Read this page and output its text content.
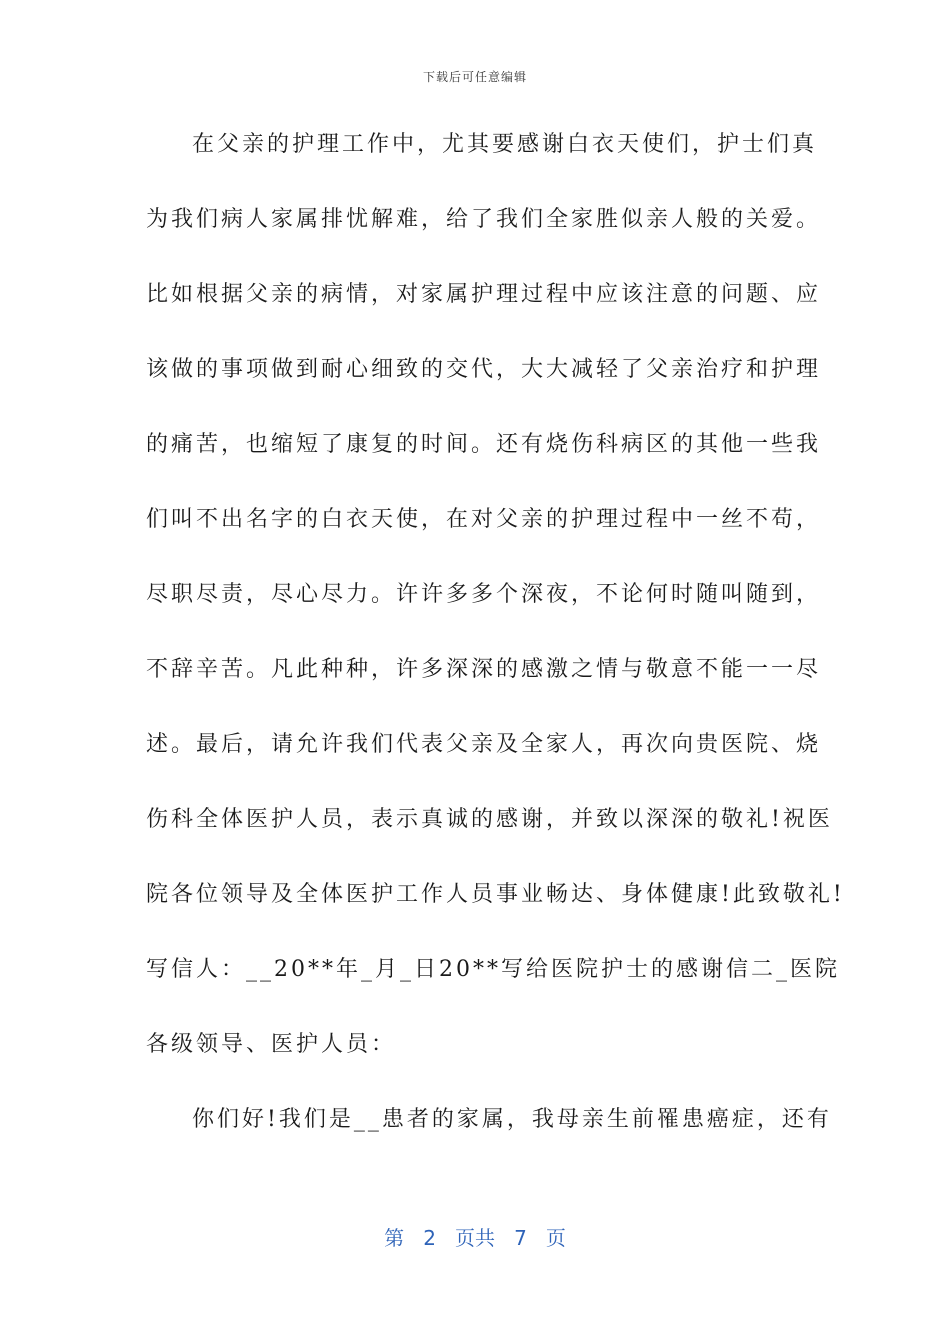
下载后可任意编辑
在父亲的护理工作中，尤其要感谢白衣天使们，护士们真
为我们病人家属排忧解难，给了我们全家胜似亲人般的关爱。
比如根据父亲的病情，对家属护理过程中应该注意的问题、应
该做的事项做到耐心细致的交代，大大减轻了父亲治疗和护理
的痛苦，也缩短了康复的时间。还有烧伤科病区的其他一些我
们叫不出名字的白衣天使，在对父亲的护理过程中一丝不苟，
尽职尽责，尽心尽力。许许多多个深夜，不论何时随叫随到，
不辞辛苦。凡此种种，许多深深的感激之情与敬意不能一一尽
述。最后，请允许我们代表父亲及全家人，再次向贵医院、烧
伤科全体医护人员，表示真诚的感谢，并致以深深的敬礼!祝医
院各位领导及全体医护工作人员事业畅达、身体健康!此致敬礼!
写信人：__20**年_月_日20**写给医院护士的感谢信二_医院
各级领导、医护人员：
你们好!我们是__患者的家属，我母亲生前罹患癌症，还有
第 2 页共 7 页
